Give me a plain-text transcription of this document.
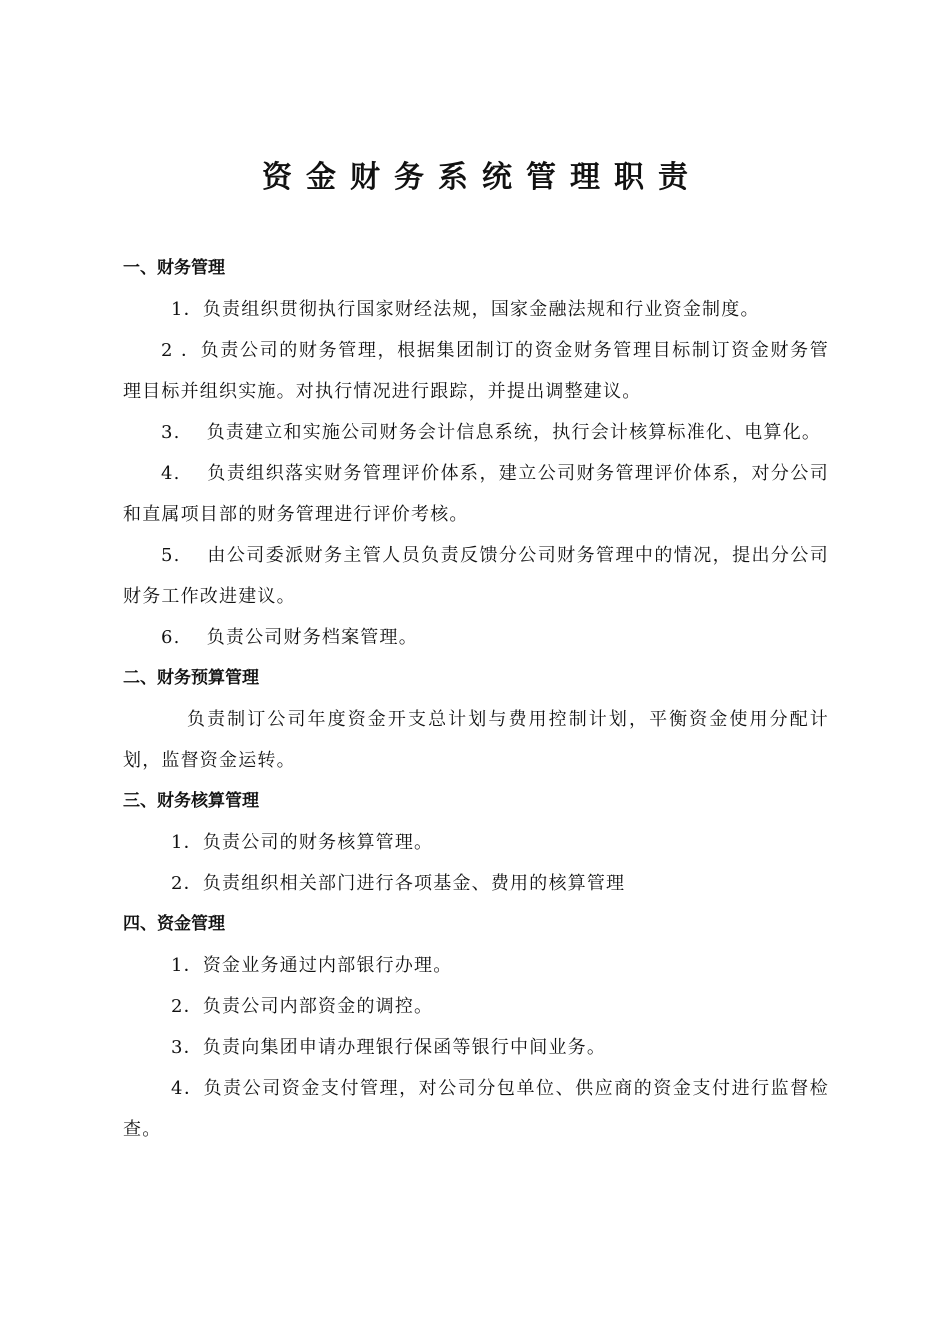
资金财务系统管理职责
一、财务管理
1．负责组织贯彻执行国家财经法规，国家金融法规和行业资金制度。
2 ．负责公司的财务管理，根据集团制订的资金财务管理目标制订资金财务管理目标并组织实施。对执行情况进行跟踪，并提出调整建议。
3.　 负责建立和实施公司财务会计信息系统，执行会计核算标准化、电算化。
4.　 负责组织落实财务管理评价体系，建立公司财务管理评价体系，对分公司和直属项目部的财务管理进行评价考核。
5.　 由公司委派财务主管人员负责反馈分公司财务管理中的情况，提出分公司财务工作改进建议。
6.　 负责公司财务档案管理。
二、财务预算管理
负责制订公司年度资金开支总计划与费用控制计划，平衡资金使用分配计划，监督资金运转。
三、财务核算管理
1．负责公司的财务核算管理。
2．负责组织相关部门进行各项基金、费用的核算管理
四、资金管理
1．资金业务通过内部银行办理。
2．负责公司内部资金的调控。
3．负责向集团申请办理银行保函等银行中间业务。
4．负责公司资金支付管理，对公司分包单位、供应商的资金支付进行监督检查。
